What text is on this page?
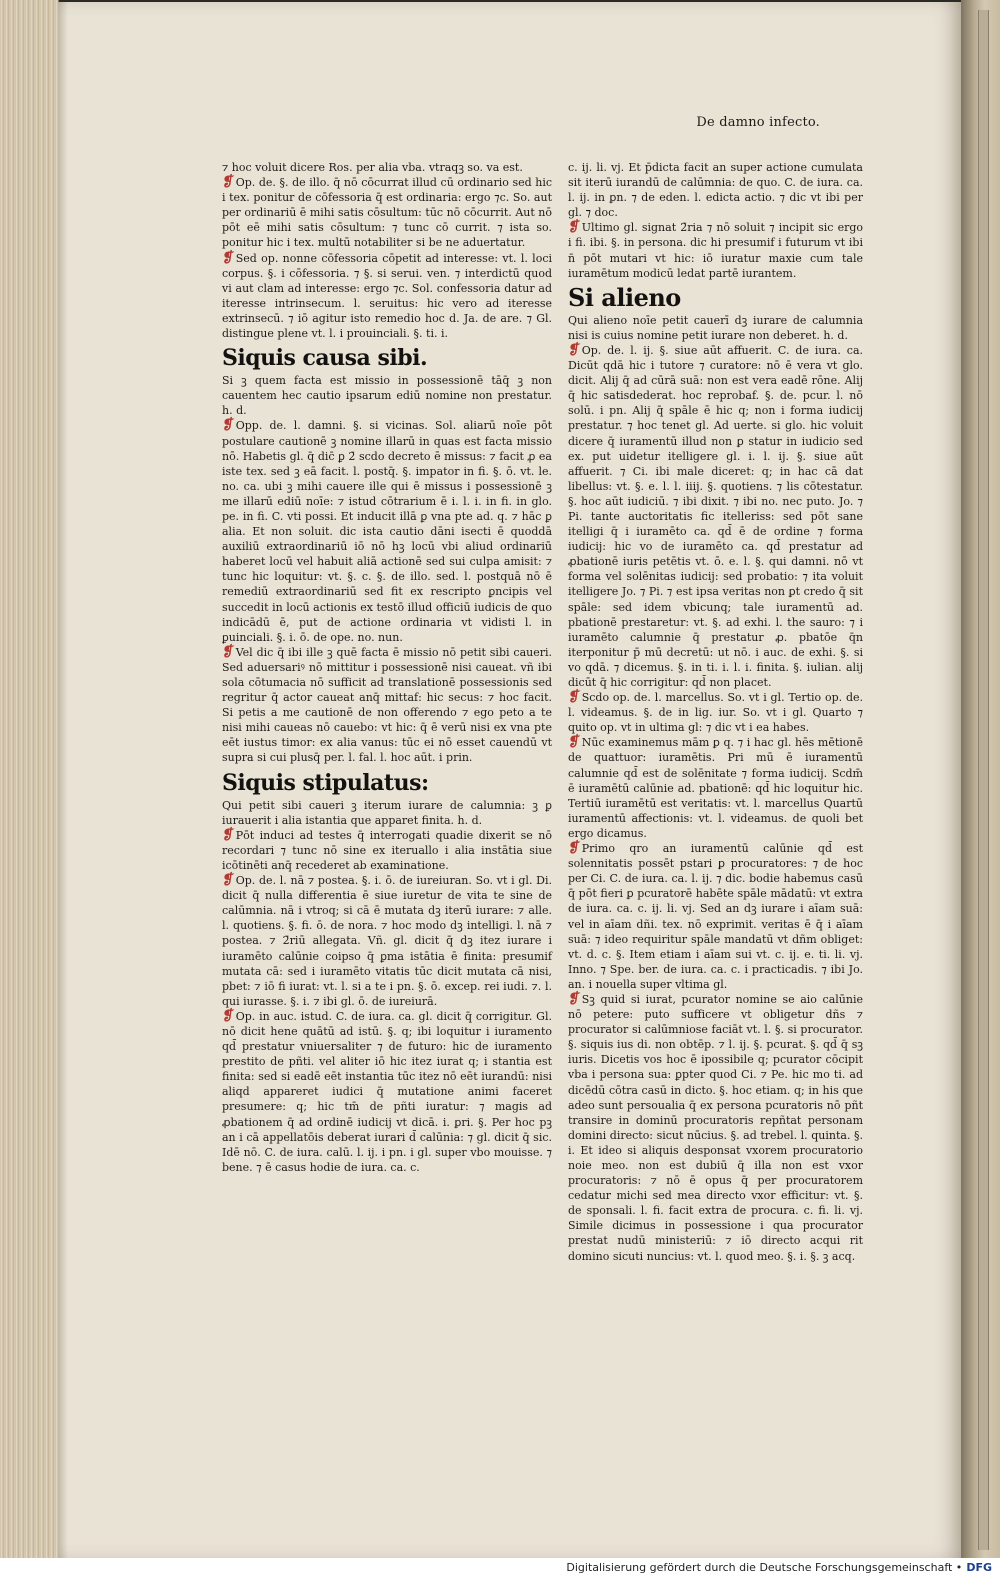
De damno infecto.

⁊ hoc voluit dicere Ros. per alia vba. vtraqꝫ so. va est.

❡Op. de. §. de illo. q̄ nō cōcurrat illud cū ordinario sed hic i tex. ponitur de cōfessoria q̄ est ordinaria: ergo ⁊c. So. aut per ordinariū ē mihi satis cōsultum: tūc nō cōcurrit. Aut nō pōt eē mihi satis cōsultum: ⁊ tunc cō currit. ⁊ ista so. ponitur hic i tex. multū notabiliter si be ne aduertatur.

❡Sed op. nonne cōfessoria cōpetit ad interesse: vt. l. loci corpus. §. i cōfessoria. ⁊ §. si serui. ven. ⁊ interdictū quod vi aut clam ad interesse: ergo ⁊c. Sol. confessoria datur ad iteresse intrinsecum. l. seruitus: hic vero ad iteresse extrinsecū. ⁊ iō agitur isto remedio hoc d. Ja. de are. ⁊ Gl. distingue plene vt. l. i prouinciali. §. ti. i.

Siquis causa sibi.

Si ꝫ quem facta est missio in possessionē tāq̄ ꝫ non cauentem hec cautio ipsarum ediū nomine non prestatur. h. d.

❡Opp. de. l. damni. §. si vicinas. Sol. aliarū noīe pōt postulare cautionē ꝫ nomine illarū in quas est facta missio nō. Habetis gl. q̄ dic̄ ꝑ 2̄ scdo decreto ē missus: ⁊ facit ꝓ ea iste tex. sed ꝫ eā facit. l. postq̄. §. impator in fi. §. ō. vt. le. no. ca. ubi ꝫ mihi cauere ille qui ē missus i possessionē ꝫ me illarū ediū noīe: ⁊ istud cōtrarium ē i. l. i. in fi. in glo. pe. in fi. C. vti possi. Et inducit illā ꝑ vna pte ad. q. ⁊ hāc ꝑ alia. Et non soluit. dic ista cautio dāni isecti ē quoddā auxiliū extraordinariū iō nō hꝫ locū vbi aliud ordinariū haberet locū vel habuit aliā actionē sed sui culpa amisit: ⁊ tunc hic loquitur: vt. §. c. §. de illo. sed. l. postquā nō ē remediū extraordinariū sed fit ex rescripto ꝑncipis vel succedit in locū actionis ex testō illud officiū iudicis de quo indicādū ē, put de actione ordinaria vt vidisti l. in ꝑuinciali. §. i. ō. de ope. no. nun.

❡Vel dic q̄ ibi ille ꝫ quē facta ē missio nō petit sibi caueri. Sed aduersariꝰ nō mittitur i possessionē nisi caueat. vñ ibi sola cōtumacia nō sufficit ad translationē possessionis sed regritur q̄ actor caueat anq̄ mittaf: hic secus: ⁊ hoc facit. Si petis a me cautionē de non offerendo ⁊ ego peto a te nisi mihi caueas nō cauebo: vt hic: q̄ ē verū nisi ex vna pte eēt iustus timor: ex alia vanus: tūc ei nō esset cauendū vt supra si cui plusq̄ per. l. fal. l. hoc aūt. i prin.

Siquis stipulatus:

Qui petit sibi caueri ꝫ iterum iurare de calumnia: ꝫ ꝑ iurauerit i alia istantia que apparet finita. h. d.

❡Pōt induci ad testes q̄ interrogati quadie dixerit se nō recordari ⁊ tunc nō sine ex iteruallo i alia instātia siue icōtinēti anq̄ recederet ab examinatione.

❡Op. de. l. nā ⁊ postea. §. i. ō. de iureiuran. So. vt i gl. Di. dicit q̄ nulla differentia ē siue iuretur de vita te sine de calūmnia. nā i vtroq; si cā ē mutata dꝫ iterū iurare: ⁊ alle. l. quotiens. §. fi. ō. de nora. ⁊ hoc modo dꝫ intelligi. l. nā ⁊ postea. ⁊ 2̄riū allegata. Vñ. gl. dicit q̄ dꝫ itez iurare i iuramēto calūnie coipso q̄ ꝑma istātia ē finita: presumif mutata cā: sed i iuramēto vitatis tūc dicit mutata cā nisi, pbet: ⁊ iō fi iurat: vt. l. si a te i pn. §. ō. excep. rei iudi. ⁊. l. qui iurasse. §. i. ⁊ ibi gl. ō. de iureiurā.

❡Op. in auc. istud. C. de iura. ca. gl. dicit q̄ corrigitur. Gl. nō dicit hene quātū ad istū. §. q; ibi loquitur i iuramento qd̄ prestatur vniuersaliter ⁊ de futuro: hic de iuramento prestito de pñti. vel aliter iō hic itez iurat q; i stantia est finita: sed si eadē eēt instantia tūc itez nō eēt iurandū: nisi aliqd appareret iudici q̄ mutatione animi faceret presumere: q; hic tm̄ de pñti iuratur: ⁊ magis ad ꝓbationem q̄ ad ordinē iudicij vt dicā. i. ꝑri. §. Per hoc pꝫ an i cā appellatōis deberat iurari d̄ calūnia: ⁊ gl. dicit q̄ sic. Idē nō. C. de iura. calū. l. ij. i pn. i gl. super vbo mouisse. ⁊ bene. ⁊ ē casus hodie de iura. ca. c.

c. ij. li. vj. Et p̄dicta facit an super actione cumulata sit iterū iurandū de calūmnia: de quo. C. de iura. ca. l. ij. in ꝑn. ⁊ de eden. l. edicta actio. ⁊ dic vt ibi per gl. ⁊ doc.

❡Ultimo gl. signat 2̄ria ⁊ nō soluit ⁊ incipit sic ergo i fi. ibi. §. in persona. dic hi presumif i futurum vt ibi n̄ pōt mutari vt hic: iō iuratur maxie cum tale iuramētum modicū ledat partē iurantem.

Si alieno

Qui alieno noīe petit cauerī dꝫ iurare de calumnia nisi is cuius nomine petit iurare non deberet. h. d.

❡Op. de. l. ij. §. siue aūt affuerit. C. de iura. ca. Dicūt qdā hic i tutore ⁊ curatore: nō ē vera vt glo. dicit. Alij q̄ ad cūrā suā: non est vera eadē rōne. Alij q̄ hic satisdederat. hoc reprobaf. §. de. pcur. l. nō solū. i pn. Alij q̄ spāle ē hic q; non i forma iudicij prestatur. ⁊ hoc tenet gl. Ad uerte. si glo. hic voluit dicere q̄ iuramentū illud non ꝑ statur in iudicio sed ex. put uidetur itelligere gl. i. l. ij. §. siue aūt affuerit. ⁊ Ci. ibi male diceret: q; in hac cā dat libellus: vt. §. e. l. l. iiij. §. quotiens. ⁊ lis cōtestatur. §. hoc aūt iudiciū. ⁊ ibi dixit. ⁊ ibi no. nec puto. Jo. ⁊ Pi. tante auctoritatis fic itelleriss: sed pōt sane itelligi q̄ i iuramēto ca. qd̄ ē de ordine ⁊ forma iudicij: hic vo de iuramēto ca. qd̄ prestatur ad ꝓbationē iuris petētis vt. ō. e. l. §. qui damni. nō vt forma vel solēnitas iudicij: sed probatio: ⁊ ita voluit itelligere Jo. ⁊ Pi. ⁊ est ipsa veritas non ꝑt credo q̄ sit spāle: sed idem vbicunq; tale iuramentū ad. pbationē prestaretur: vt. §. ad exhi. l. the sauro: ⁊ i iuramēto calumnie q̄ prestatur ꝓ. pbatōe q̄n iterponitur p̄ mū decretū: ut nō. i auc. de exhi. §. si vo qdā. ⁊ dicemus. §. in ti. i. l. i. finita. §. iulian. alij dicūt q̄ hic corrigitur: qd̄ non placet.

❡Scdo op. de. l. marcellus. So. vt i gl. Tertio op. de. l. videamus. §. de in lig. iur. So. vt i gl. Quarto ⁊ quito op. vt in ultima gl: ⁊ dic vt i ea habes.

❡Nūc examinemus mām ꝑ q. ⁊ i hac gl. hēs mētionē de quattuor: iuramētis. Pri mū ē iuramentū calumnie qd̄ est de solēnitate ⁊ forma iudicij. Scdm̄ ē iuramētū calūnie ad. pbationē: qd̄ hic loquitur hic. Tertiū iuramētū est veritatis: vt. l. marcellus Quartū iuramentū affectionis: vt. l. videamus. de quoli bet ergo dicamus.

❡Primo qro an iuramentū calūnie qd̄ est solennitatis possēt pstari ꝑ procuratores: ⁊ de hoc per Ci. C. de iura. ca. l. ij. ⁊ dic. bodie habemus casū q̄ pōt fieri ꝑ pcuratorē habēte spāle mādatū: vt extra de iura. ca. c. ij. li. vj. Sed an dꝫ iurare i aīam suā: vel in aīam dñi. tex. nō exprimit. veritas ē q̄ i aīam suā: ⁊ ideo requiritur spāle mandatū vt dñm obliget: vt. d. c. §. Item etiam i aīam sui vt. c. ij. e. ti. li. vj. Inno. ⁊ Spe. ber. de iura. ca. c. i practicadis. ⁊ ibi Jo. an. i nouella super vltima gl.

❡Sꝫ quid si iurat, pcurator nomine se aio calūnie nō petere: puto sufficere vt obligetur dñs ⁊ procurator si calūmniose faciāt vt. l. §. si procurator. §. siquis ius di. non obtēp. ⁊ l. ij. §. pcurat. §. qd̄ q̄ sꝫ iuris. Dicetis vos hoc ē ipossibile q; pcurator cōcipit vba i persona sua: ꝑpter quod Ci. ⁊ Pe. hic mo ti. ad dicēdū cōtra casū in dicto. §. hoc etiam. q; in his que adeo sunt persoualia q̄ ex persona pcuratoris nō pñt transire in dominū procuratoris repñtat personam domini directo: sicut nūcius. §. ad trebel. l. quinta. §. i. Et ideo si aliquis desponsat vxorem procuratorio noie meo. non est dubiū q̄ illa non est vxor procuratoris: ⁊ nō ē opus q̄ per procuratorem cedatur michi sed mea directo vxor efficitur: vt. §. de sponsali. l. fi. facit extra de procura. c. fi. li. vj. Simile dicimus in possessione i qua procurator prestat nudū ministeriū: ⁊ iō directo acqui rit domino sicuti nuncius: vt. l. quod meo. §. i. §. ꝫ acq.

Digitalisierung gefördert durch die Deutsche Forschungsgemeinschaft • DFG
